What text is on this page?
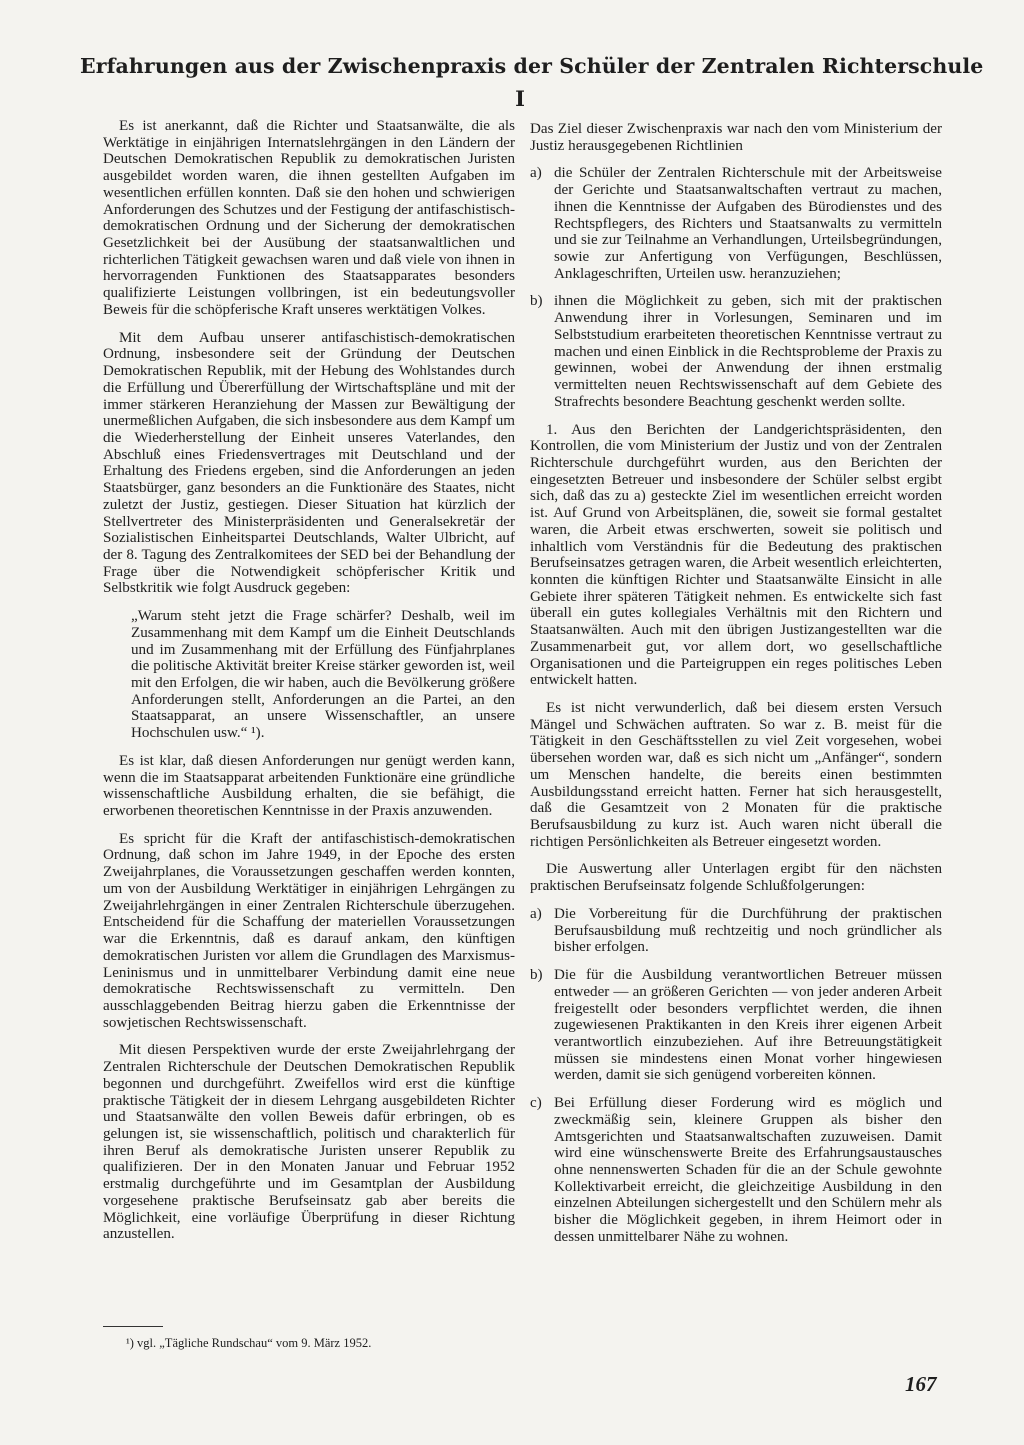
Erfahrungen aus der Zwischenpraxis der Schüler der Zentralen Richterschule
I

Es ist anerkannt, daß die Richter und Staatsanwälte, die als Werktätige in einjährigen Internatslehrgängen in den Ländern der Deutschen Demokratischen Republik zu demokratischen Juristen ausgebildet worden waren, die ihnen gestellten Aufgaben im wesentlichen erfüllen konnten. Daß sie den hohen und schwierigen Anforderungen des Schutzes und der Festigung der antifaschistisch-demokratischen Ordnung und der Sicherung der demokratischen Gesetzlichkeit bei der Ausübung der staatsanwaltlichen und richterlichen Tätigkeit gewachsen waren und daß viele von ihnen in hervorragenden Funktionen des Staatsapparates besonders qualifizierte Leistungen vollbringen, ist ein bedeutungsvoller Beweis für die schöpferische Kraft unseres werktätigen Volkes.

Mit dem Aufbau unserer antifaschistisch-demokratischen Ordnung, insbesondere seit der Gründung der Deutschen Demokratischen Republik, mit der Hebung des Wohlstandes durch die Erfüllung und Übererfüllung der Wirtschaftspläne und mit der immer stärkeren Heranziehung der Massen zur Bewältigung der unermeßlichen Aufgaben, die sich insbesondere aus dem Kampf um die Wiederherstellung der Einheit unseres Vaterlandes, den Abschluß eines Friedensvertrages mit Deutschland und der Erhaltung des Friedens ergeben, sind die Anforderungen an jeden Staatsbürger, ganz besonders an die Funktionäre des Staates, nicht zuletzt der Justiz, gestiegen. Dieser Situation hat kürzlich der Stellvertreter des Ministerpräsidenten und Generalsekretär der Sozialistischen Einheitspartei Deutschlands, Walter Ulbricht, auf der 8. Tagung des Zentralkomitees der SED bei der Behandlung der Frage über die Notwendigkeit schöpferischer Kritik und Selbstkritik wie folgt Ausdruck gegeben:

„Warum steht jetzt die Frage schärfer? Deshalb, weil im Zusammenhang mit dem Kampf um die Einheit Deutschlands und im Zusammenhang mit der Erfüllung des Fünfjahrplanes die politische Aktivität breiter Kreise stärker geworden ist, weil mit den Erfolgen, die wir haben, auch die Bevölkerung größere Anforderungen stellt, Anforderungen an die Partei, an den Staatsapparat, an unsere Wissenschaftler, an unsere Hochschulen usw.“ ¹).

Es ist klar, daß diesen Anforderungen nur genügt werden kann, wenn die im Staatsapparat arbeitenden Funktionäre eine gründliche wissenschaftliche Ausbildung erhalten, die sie befähigt, die erworbenen theoretischen Kenntnisse in der Praxis anzuwenden.

Es spricht für die Kraft der antifaschistisch-demokratischen Ordnung, daß schon im Jahre 1949, in der Epoche des ersten Zweijahrplanes, die Voraussetzungen geschaffen werden konnten, um von der Ausbildung Werktätiger in einjährigen Lehrgängen zu Zweijahrlehrgängen in einer Zentralen Richterschule überzugehen. Entscheidend für die Schaffung der materiellen Voraussetzungen war die Erkenntnis, daß es darauf ankam, den künftigen demokratischen Juristen vor allem die Grundlagen des Marxismus-Leninismus und in unmittelbarer Verbindung damit eine neue demokratische Rechtswissenschaft zu vermitteln. Den ausschlaggebenden Beitrag hierzu gaben die Erkenntnisse der sowjetischen Rechtswissenschaft.

Mit diesen Perspektiven wurde der erste Zweijahrlehrgang der Zentralen Richterschule der Deutschen Demokratischen Republik begonnen und durchgeführt. Zweifellos wird erst die künftige praktische Tätigkeit der in diesem Lehrgang ausgebildeten Richter und Staatsanwälte den vollen Beweis dafür erbringen, ob es gelungen ist, sie wissenschaftlich, politisch und charakterlich für ihren Beruf als demokratische Juristen unserer Republik zu qualifizieren. Der in den Monaten Januar und Februar 1952 erstmalig durchgeführte und im Gesamtplan der Ausbildung vorgesehene praktische Berufseinsatz gab aber bereits die Möglichkeit, eine vorläufige Überprüfung in dieser Richtung anzustellen.

Das Ziel dieser Zwischenpraxis war nach den vom Ministerium der Justiz herausgegebenen Richtlinien

a) die Schüler der Zentralen Richterschule mit der Arbeitsweise der Gerichte und Staatsanwaltschaften vertraut zu machen, ihnen die Kenntnisse der Aufgaben des Bürodienstes und des Rechtspflegers, des Richters und Staatsanwalts zu vermitteln und sie zur Teilnahme an Verhandlungen, Urteilsbegründungen, sowie zur Anfertigung von Verfügungen, Beschlüssen, Anklageschriften, Urteilen usw. heranzuziehen;
b) ihnen die Möglichkeit zu geben, sich mit der praktischen Anwendung ihrer in Vorlesungen, Seminaren und im Selbststudium erarbeiteten theoretischen Kenntnisse vertraut zu machen und einen Einblick in die Rechtsprobleme der Praxis zu gewinnen, wobei der Anwendung der ihnen erstmalig vermittelten neuen Rechtswissenschaft auf dem Gebiete des Strafrechts besondere Beachtung geschenkt werden sollte.

1. Aus den Berichten der Landgerichtspräsidenten, den Kontrollen, die vom Ministerium der Justiz und von der Zentralen Richterschule durchgeführt wurden, aus den Berichten der eingesetzten Betreuer und insbesondere der Schüler selbst ergibt sich, daß das zu a) gesteckte Ziel im wesentlichen erreicht worden ist. Auf Grund von Arbeitsplänen, die, soweit sie formal gestaltet waren, die Arbeit etwas erschwerten, soweit sie politisch und inhaltlich vom Verständnis für die Bedeutung des praktischen Berufseinsatzes getragen waren, die Arbeit wesentlich erleichterten, konnten die künftigen Richter und Staatsanwälte Einsicht in alle Gebiete ihrer späteren Tätigkeit nehmen. Es entwickelte sich fast überall ein gutes kollegiales Verhältnis mit den Richtern und Staatsanwälten. Auch mit den übrigen Justizangestellten war die Zusammenarbeit gut, vor allem dort, wo gesellschaftliche Organisationen und die Parteigruppen ein reges politisches Leben entwickelt hatten.

Es ist nicht verwunderlich, daß bei diesem ersten Versuch Mängel und Schwächen auftraten. So war z. B. meist für die Tätigkeit in den Geschäftsstellen zu viel Zeit vorgesehen, wobei übersehen worden war, daß es sich nicht um „Anfänger“, sondern um Menschen handelte, die bereits einen bestimmten Ausbildungsstand erreicht hatten. Ferner hat sich herausgestellt, daß die Gesamtzeit von 2 Monaten für die praktische Berufsausbildung zu kurz ist. Auch waren nicht überall die richtigen Persönlichkeiten als Betreuer eingesetzt worden.

Die Auswertung aller Unterlagen ergibt für den nächsten praktischen Berufseinsatz folgende Schlußfolgerungen:

a) Die Vorbereitung für die Durchführung der praktischen Berufsausbildung muß rechtzeitig und noch gründlicher als bisher erfolgen.
b) Die für die Ausbildung verantwortlichen Betreuer müssen entweder — an größeren Gerichten — von jeder anderen Arbeit freigestellt oder besonders verpflichtet werden, die ihnen zugewiesenen Praktikanten in den Kreis ihrer eigenen Arbeit verantwortlich einzubeziehen. Auf ihre Betreuungstätigkeit müssen sie mindestens einen Monat vorher hingewiesen werden, damit sie sich genügend vorbereiten können.
c) Bei Erfüllung dieser Forderung wird es möglich und zweckmäßig sein, kleinere Gruppen als bisher den Amtsgerichten und Staatsanwaltschaften zuzuweisen. Damit wird eine wünschenswerte Breite des Erfahrungsaustausches ohne nennenswerten Schaden für die an der Schule gewohnte Kollektivarbeit erreicht, die gleichzeitige Ausbildung in den einzelnen Abteilungen sichergestellt und den Schülern mehr als bisher die Möglichkeit gegeben, in ihrem Heimort oder in dessen unmittelbarer Nähe zu wohnen.
¹) vgl. „Tägliche Rundschau“ vom 9. März 1952.
167
